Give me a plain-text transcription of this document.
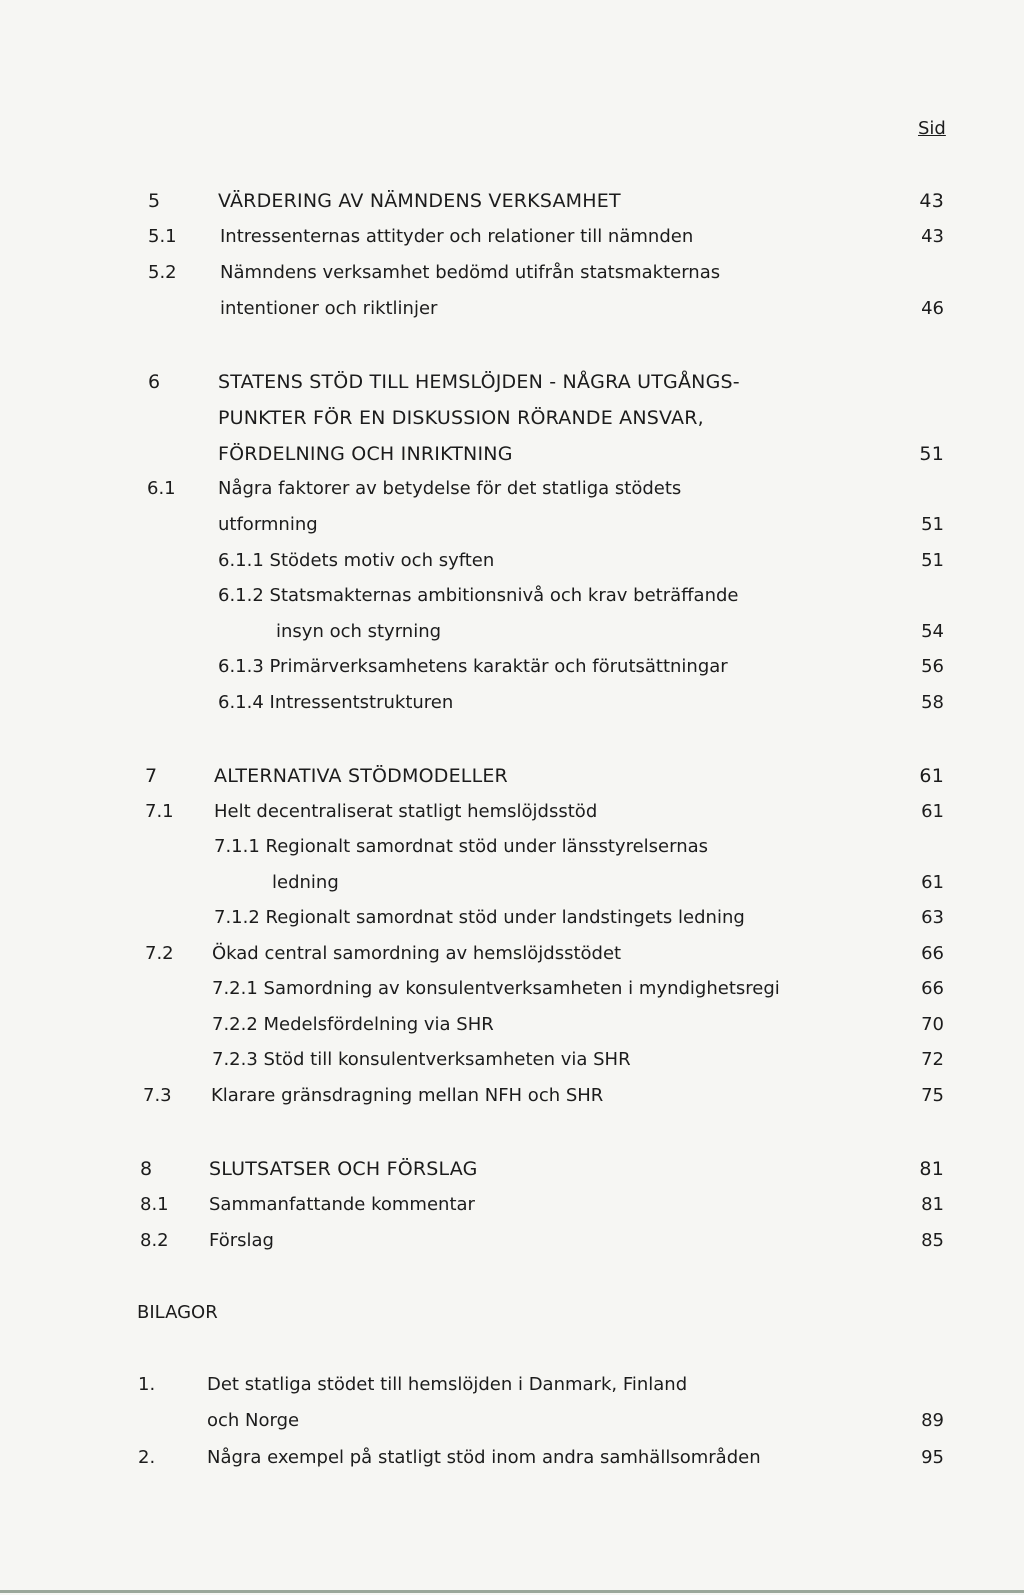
Sid
5	VÄRDERING AV NÄMNDENS VERKSAMHET	43
5.1 Intressenternas attityder och relationer till nämnden	43
5.2 Nämndens verksamhet bedömd utifrån statsmakternas
intentioner och riktlinjer	46
6	STATENS STÖD TILL HEMSLÖJDEN - NÅGRA UTGÅNGS-
PUNKTER FÖR EN DISKUSSION RÖRANDE ANSVAR,
FÖRDELNING OCH INRIKTNING	51
6.1 Några faktorer av betydelse för det statliga stödets
utformning	51
6.1.1 Stödets motiv och syften	51
6.1.2 Statsmakternas ambitionsnivå och krav beträffande
insyn och styrning	54
6.1.3 Primärverksamhetens karaktär och förutsättningar	56
6.1.4 Intressentstrukturen	58
7	ALTERNATIVA STÖDMODELLER	61
7.1 Helt decentraliserat statligt hemslöjdsstöd	61
7.1.1 Regionalt samordnat stöd under länsstyrelsernas
ledning	61
7.1.2 Regionalt samordnat stöd under landstingets ledning	63
7.2 Ökad central samordning av hemslöjdsstödet	66
7.2.1 Samordning av konsulentverksamheten i myndighetsregi	66
7.2.2 Medelsfördelning via SHR	70
7.2.3 Stöd till konsulentverksamheten via SHR	72
7.3 Klarare gränsdragning mellan NFH och SHR	75
8	SLUTSATSER OCH FÖRSLAG	81
8.1 Sammanfattande kommentar	81
8.2 Förslag	85
1.	Det statliga stödet till hemslöjden i Danmark, Finland
och Norge	89
2.	Några exempel på statligt stöd inom andra samhällsområden	95
BILAGOR
